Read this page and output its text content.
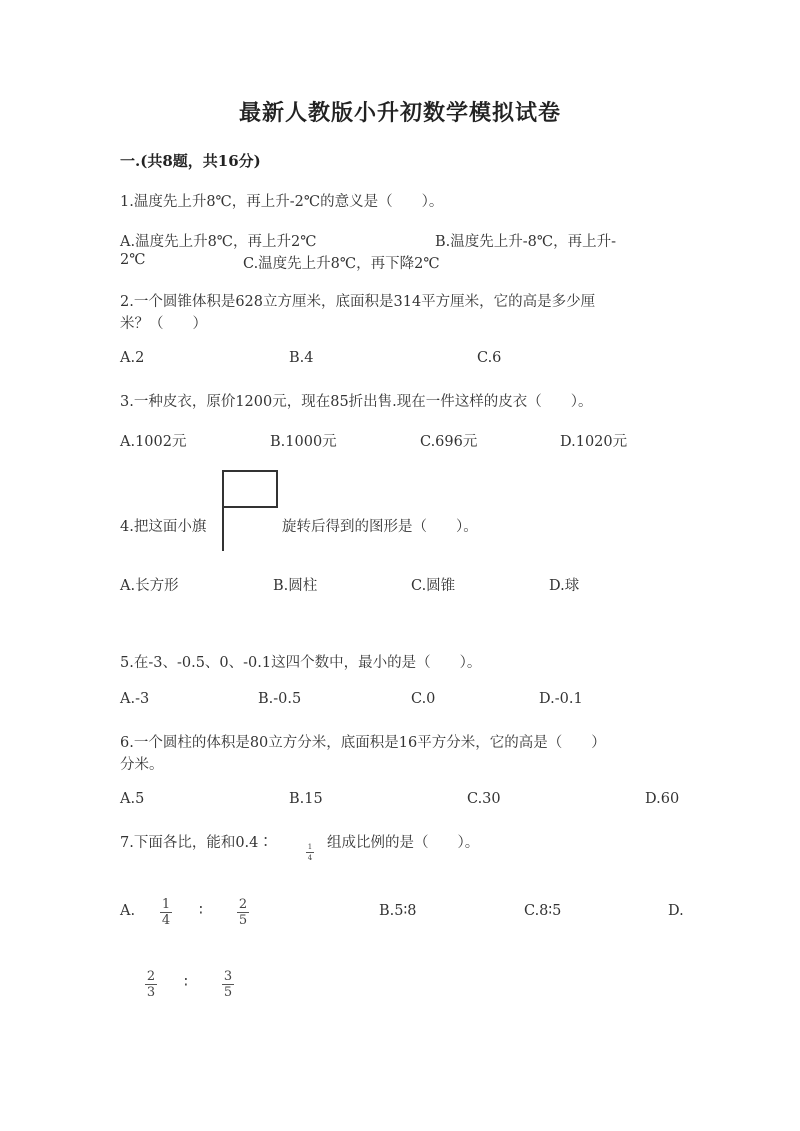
最新人教版小升初数学模拟试卷
一.(共8题，共16分)
1.温度先上升8℃，再上升-2℃的意义是（　　）。
A.温度先上升8℃，再上升2℃	B.温度先上升-8℃，再上升-
2℃	C.温度先上升8℃，再下降2℃
2.一个圆锥体积是628立方厘米，底面积是314平方厘米，它的高是多少厘
米？（　　）
A.2	B.4	C.6
3.一种皮衣，原价1200元，现在85折出售.现在一件这样的皮衣（　　）。
A.1002元	B.1000元	C.696元	D.1020元
4.把这面小旗	旋转后得到的图形是（　　）。
A.长方形	B.圆柱	C.圆锥	D.球
5.在-3、-0.5、0、-0.1这四个数中，最小的是（　　）。
A.-3	B.-0.5	C.0	D.-0.1
6.一个圆柱的体积是80立方分米，底面积是16平方分米，它的高是（　　）
分米。
A.5	B.15	C.30	D.60
7.下面各比，能和0.4∶	1
4
组成比例的是（　　）。
A. 1
4
∶	2
5
B.5∶8	C.8∶5	D.
2
3
∶	3
5
